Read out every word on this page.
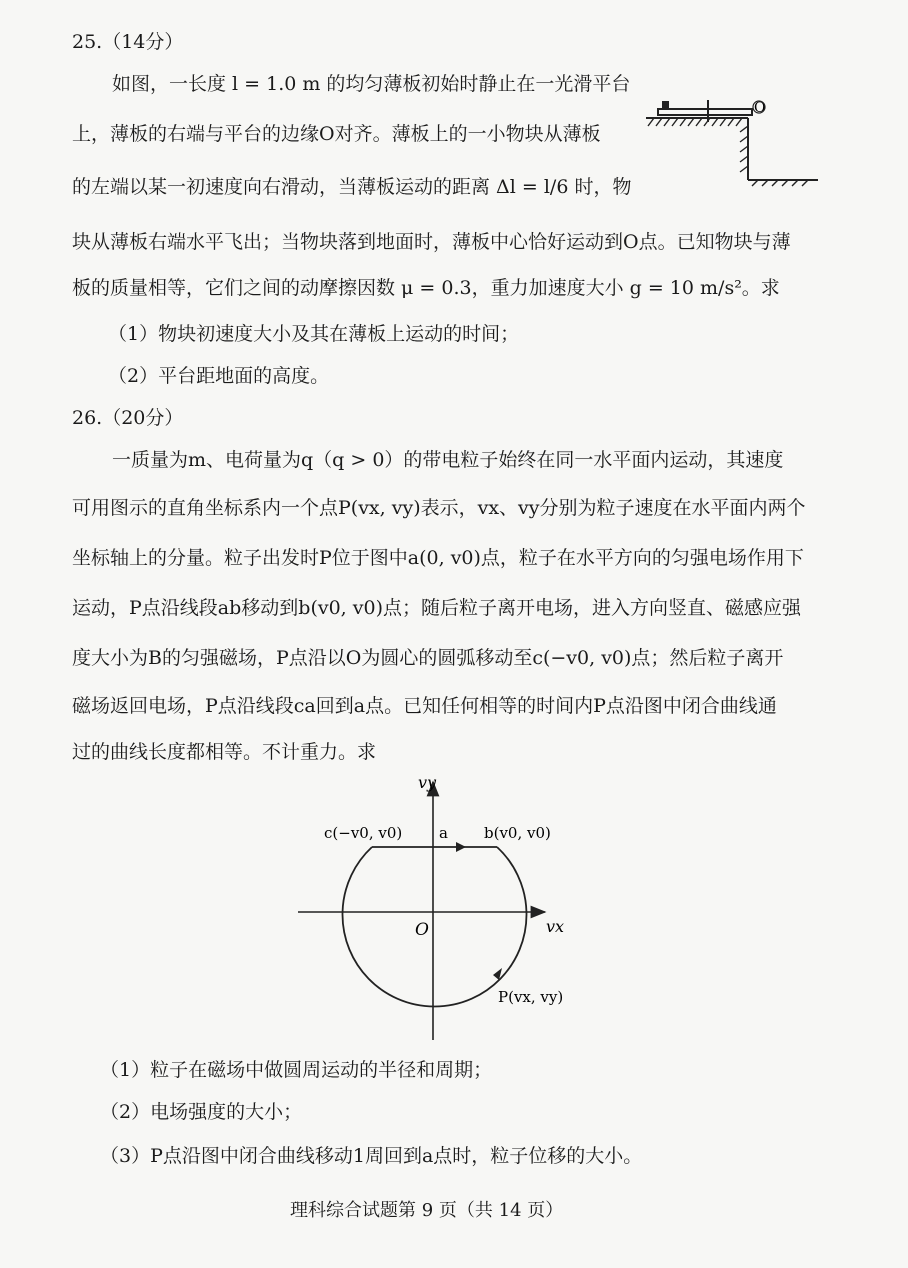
25.（14分）
如图，一长度 l = 1.0 m 的均匀薄板初始时静止在一光滑平台
上，薄板的右端与平台的边缘O对齐。薄板上的一小物块从薄板
的左端以某一初速度向右滑动，当薄板运动的距离 Δl = l/6 时，物
块从薄板右端水平飞出；当物块落到地面时，薄板中心恰好运动到O点。已知物块与薄
板的质量相等，它们之间的动摩擦因数 μ = 0.3，重力加速度大小 g = 10 m/s²。求
（1）物块初速度大小及其在薄板上运动的时间；
（2）平台距地面的高度。
O
26.（20分）
一质量为m、电荷量为q（q > 0）的带电粒子始终在同一水平面内运动，其速度
可用图示的直角坐标系内一个点P(vx, vy)表示，vx、vy分别为粒子速度在水平面内两个
坐标轴上的分量。粒子出发时P位于图中a(0, v0)点，粒子在水平方向的匀强电场作用下
运动，P点沿线段ab移动到b(v0, v0)点；随后粒子离开电场，进入方向竖直、磁感应强
度大小为B的匀强磁场，P点沿以O为圆心的圆弧移动至c(−v0, v0)点；然后粒子离开
磁场返回电场，P点沿线段ca回到a点。已知任何相等的时间内P点沿图中闭合曲线通
过的曲线长度都相等。不计重力。求
vy
vx
O
c(−v0, v0) a b(v0, v0)
P(vx, vy)
（1）粒子在磁场中做圆周运动的半径和周期；
（2）电场强度的大小；
（3）P点沿图中闭合曲线移动1周回到a点时，粒子位移的大小。
理科综合试题第 9 页（共 14 页）
